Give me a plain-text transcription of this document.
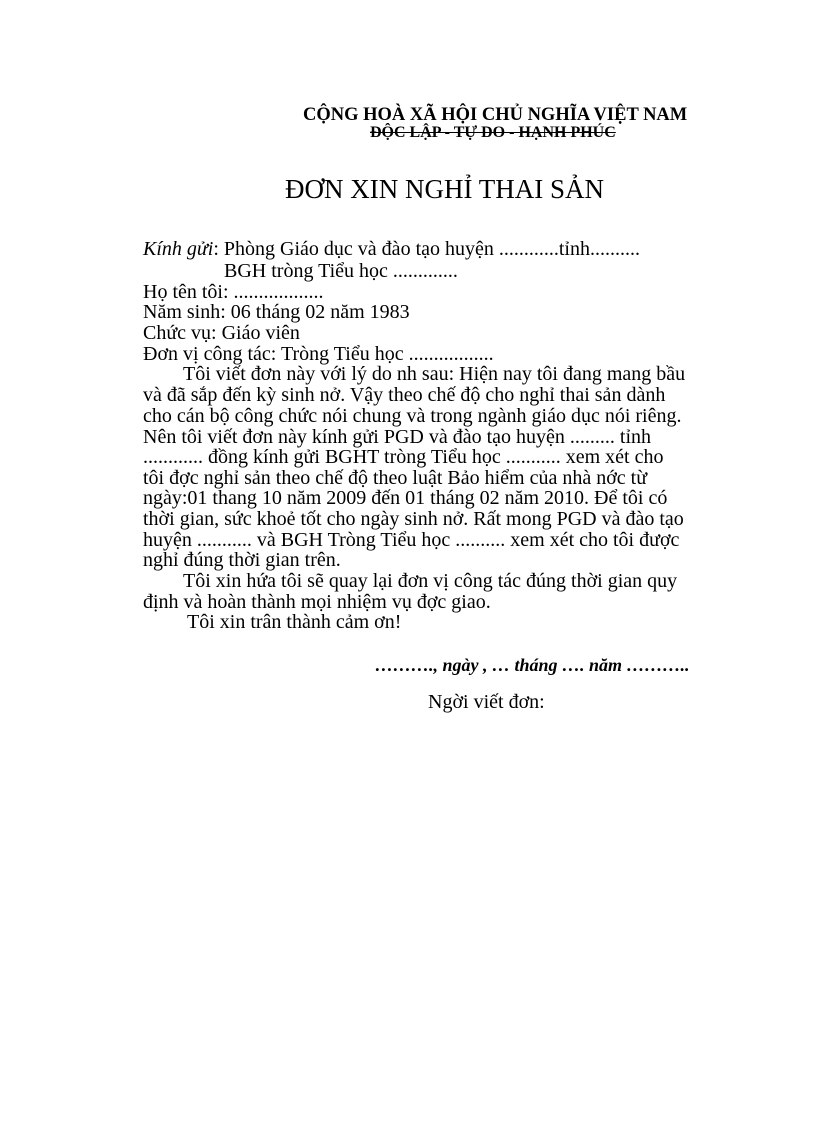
CỘNG HOÀ XÃ HỘI CHỦ NGHĨA VIỆT NAM
ĐỘC LẬP - TỰ DO - HẠNH PHÚC
ĐƠN XIN NGHỈ THAI SẢN
Kính gửi: Phòng Giáo dục và đào tạo huyện ............tỉnh..........
BGH tròng Tiểu học .............
Họ tên tôi: ..................
Năm sinh: 06 tháng 02 năm 1983
Chức vụ: Giáo viên
Đơn vị công tác: Tròng Tiểu học .................
Tôi viết đơn này với lý do nh sau: Hiện nay tôi đang mang bầu
và đã sắp đến kỳ sinh nở. Vậy theo chế độ cho nghỉ thai sản dành
cho cán bộ công chức nói chung và trong ngành giáo dục nói riêng.
Nên tôi viết đơn này kính gửi PGD và đào tạo huyện ......... tỉnh
............ đồng kính gửi BGHT tròng Tiểu học ........... xem xét cho
tôi đợc nghỉ sản theo chế độ theo luật Bảo hiểm của nhà nớc từ
ngày:01 thang 10 năm 2009 đến 01 tháng 02 năm 2010. Để tôi có
thời gian, sức khoẻ tốt cho ngày sinh nở. Rất mong PGD và đào tạo
huyện ........... và BGH Tròng Tiểu học .......... xem xét cho tôi được
nghỉ đúng thời gian trên.
Tôi xin hứa tôi sẽ quay lại đơn vị công tác đúng thời gian quy
định và hoàn thành mọi nhiệm vụ đợc giao.
Tôi xin trân thành cảm ơn!
………., ngày , … tháng …. năm ………..
Ngời viết đơn:
